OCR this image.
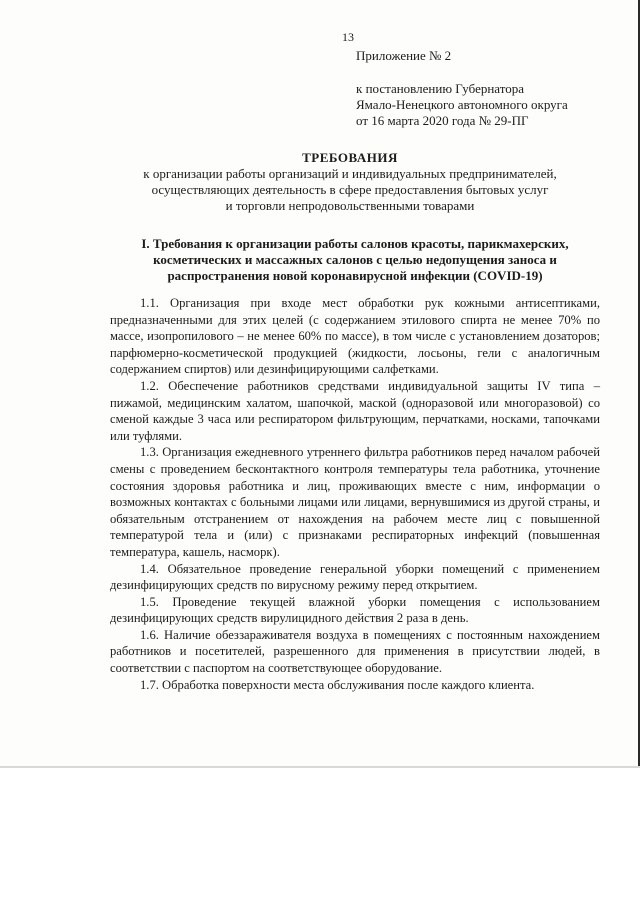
13
Приложение № 2
к постановлению Губернатора
Ямало-Ненецкого автономного округа
от 16 марта 2020 года № 29-ПГ
ТРЕБОВАНИЯ
к организации работы организаций и индивидуальных предпринимателей,
осуществляющих деятельность в сфере предоставления бытовых услуг
и торговли непродовольственными товарами
I. Требования к организации работы салонов красоты, парикмахерских,
косметических и массажных салонов с целью недопущения заноса и
распространения новой коронавирусной инфекции (COVID-19)

1.1. Организация при входе мест обработки рук кожными антисептиками, предназначенными для этих целей (с содержанием этилового спирта не менее 70% по массе, изопропилового – не менее 60% по массе), в том числе с установлением дозаторов; парфюмерно-косметической продукцией (жидкости, лосьоны, гели с аналогичным содержанием спиртов) или дезинфицирующими салфетками.

1.2. Обеспечение работников средствами индивидуальной защиты IV типа – пижамой, медицинским халатом, шапочкой, маской (одноразовой или многоразовой) со сменой каждые 3 часа или респиратором фильтрующим, перчатками, носками, тапочками или туфлями.

1.3. Организация ежедневного утреннего фильтра работников перед началом рабочей смены с проведением бесконтактного контроля температуры тела работника, уточнение состояния здоровья работника и лиц, проживающих вместе с ним, информации о возможных контактах с больными лицами или лицами, вернувшимися из другой страны, и обязательным отстранением от нахождения на рабочем месте лиц с повышенной температурой тела и (или) с признаками респираторных инфекций (повышенная температура, кашель, насморк).

1.4. Обязательное проведение генеральной уборки помещений с применением дезинфицирующих средств по вирусному режиму перед открытием.

1.5. Проведение текущей влажной уборки помещения с использованием дезинфицирующих средств вирулицидного действия 2 раза в день.

1.6. Наличие обеззараживателя воздуха в помещениях с постоянным нахождением работников и посетителей, разрешенного для применения в присутствии людей, в соответствии с паспортом на соответствующее оборудование.

1.7. Обработка поверхности места обслуживания после каждого клиента.
